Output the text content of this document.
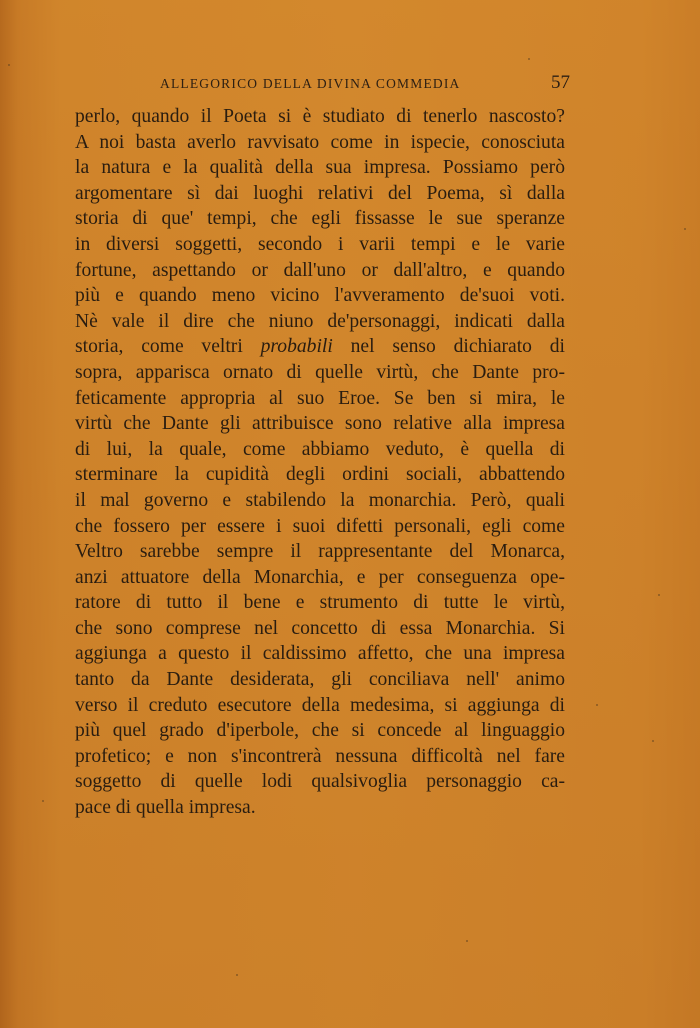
ALLEGORICO DELLA DIVINA COMMEDIA	57
perlo, quando il Poeta si è studiato di tenerlo nascosto?
A noi basta averlo ravvisato come in ispecie, conosciuta
la natura e la qualità della sua impresa. Possiamo però
argomentare sì dai luoghi relativi del Poema, sì dalla
storia di que' tempi, che egli fissasse le sue speranze
in diversi soggetti, secondo i varii tempi e le varie
fortune, aspettando or dall'uno or dall'altro, e quando
più e quando meno vicino l'avveramento de'suoi voti.
Nè vale il dire che niuno de'personaggi, indicati dalla
storia, come veltri probabili nel senso dichiarato di
sopra, apparisca ornato di quelle virtù, che Dante pro-
feticamente appropria al suo Eroe. Se ben si mira, le
virtù che Dante gli attribuisce sono relative alla impresa
di lui, la quale, come abbiamo veduto, è quella di
sterminare la cupidità degli ordini sociali, abbattendo
il mal governo e stabilendo la monarchia. Però, quali
che fossero per essere i suoi difetti personali, egli come
Veltro sarebbe sempre il rappresentante del Monarca,
anzi attuatore della Monarchia, e per conseguenza ope-
ratore di tutto il bene e strumento di tutte le virtù,
che sono comprese nel concetto di essa Monarchia. Si
aggiunga a questo il caldissimo affetto, che una impresa
tanto da Dante desiderata, gli conciliava nell' animo
verso il creduto esecutore della medesima, si aggiunga di
più quel grado d'iperbole, che si concede al linguaggio
profetico; e non s'incontrerà nessuna difficoltà nel fare
soggetto di quelle lodi qualsivoglia personaggio ca-
pace di quella impresa.
